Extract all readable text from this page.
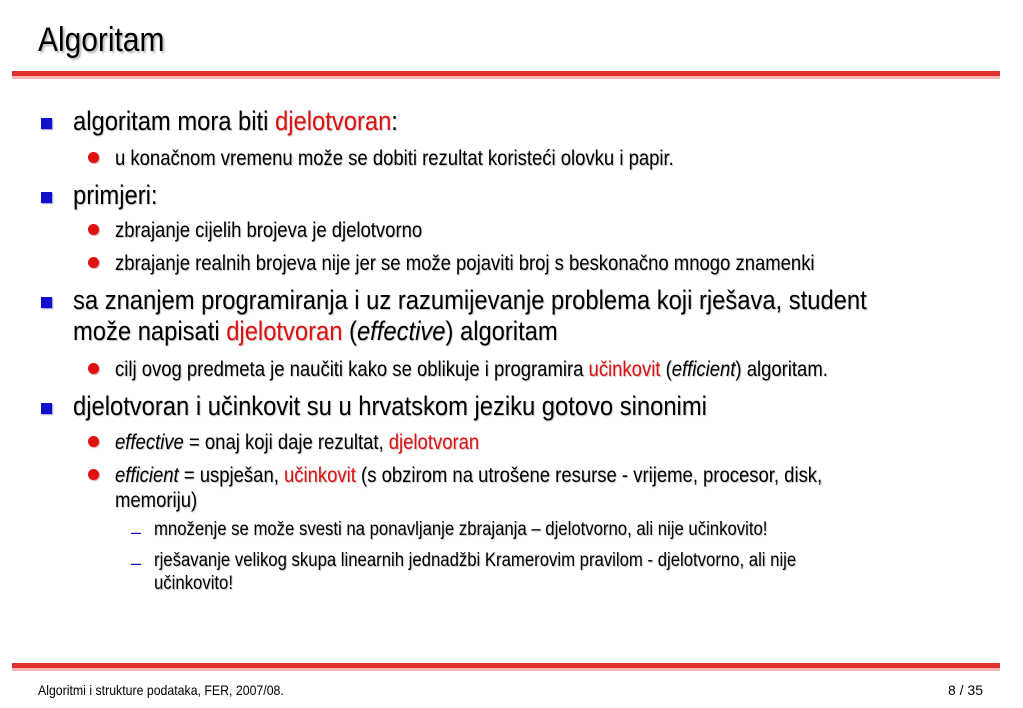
Algoritam
algoritam mora biti djelotvoran:
u konačnom vremenu može se dobiti rezultat koristeći olovku i papir.
primjeri:
zbrajanje cijelih brojeva je djelotvorno
zbrajanje realnih brojeva nije jer se može pojaviti broj s beskonačno mnogo znamenki
sa znanjem programiranja i uz razumijevanje problema koji rješava, student
može napisati djelotvoran (effective) algoritam
cilj ovog predmeta je naučiti kako se oblikuje i programira učinkovit (efficient) algoritam.
djelotvoran i učinkovit su u hrvatskom jeziku gotovo sinonimi
effective = onaj koji daje rezultat, djelotvoran
efficient = uspješan, učinkovit (s obzirom na utrošene resurse - vrijeme, procesor, disk,
memoriju)
– množenje se može svesti na ponavljanje zbrajanja – djelotvorno, ali nije učinkovito!
– rješavanje velikog skupa linearnih jednadžbi Kramerovim pravilom - djelotvorno, ali nije
učinkovito!
Algoritmi i strukture podataka, FER, 2007/08.	8 / 35
